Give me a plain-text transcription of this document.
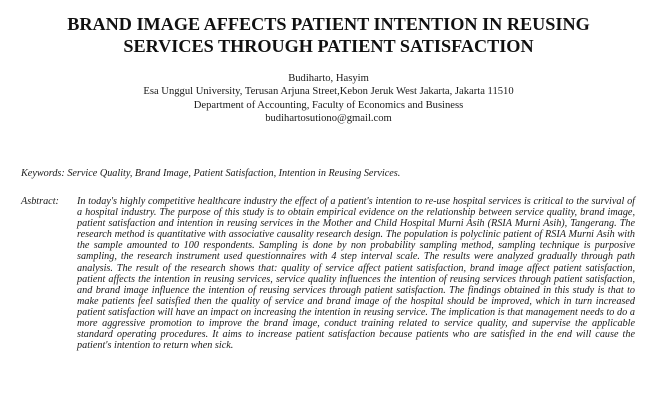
BRAND IMAGE AFFECTS PATIENT INTENTION IN REUSING
SERVICES THROUGH PATIENT SATISFACTION
Budiharto, Hasyim
Esa Unggul University, Terusan Arjuna Street,Kebon Jeruk West Jakarta, Jakarta 11510
Department of Accounting, Faculty of Economics and Business
budihartosutiono@gmail.com
Keywords: Service Quality, Brand Image, Patient Satisfaction, Intention in Reusing Services.
Asbtract: In today's highly competitive healthcare industry the effect of a patient's intention to re-use hospital services is critical to the survival of a hospital industry. The purpose of this study is to obtain empirical evidence on the relationship between service quality, brand image, patient satisfaction and intention in reusing services in the Mother and Child Hospital Murni Asih (RSIA Murni Asih), Tangerang. The research method is quantitative with associative causality research design. The population is polyclinic patient of RSIA Murni Asih with the sample amounted to 100 respondents. Sampling is done by non probability sampling method, sampling technique is purposive sampling, the research instrument used questionnaires with 4 step interval scale. The results were analyzed gradually through path analysis. The result of the research shows that: quality of service affect patient satisfaction, brand image affect patient satisfaction, patient affects the intention in reusing services, service quality influences the intention of reusing services through patient satisfaction, and brand image influence the intention of reusing services through patient satisfaction. The findings obtained in this study is that to make patients feel satisfied then the quality of service and brand image of the hospital should be improved, which in turn increased patient satisfaction will have an impact on increasing the intention in reusing service. The implication is that management needs to do a more aggressive promotion to improve the brand image, conduct training related to service quality, and supervise the applicable standard operating procedures. It aims to increase patient satisfaction because patients who are satisfied in the end will cause the patient's intention to return when sick.
